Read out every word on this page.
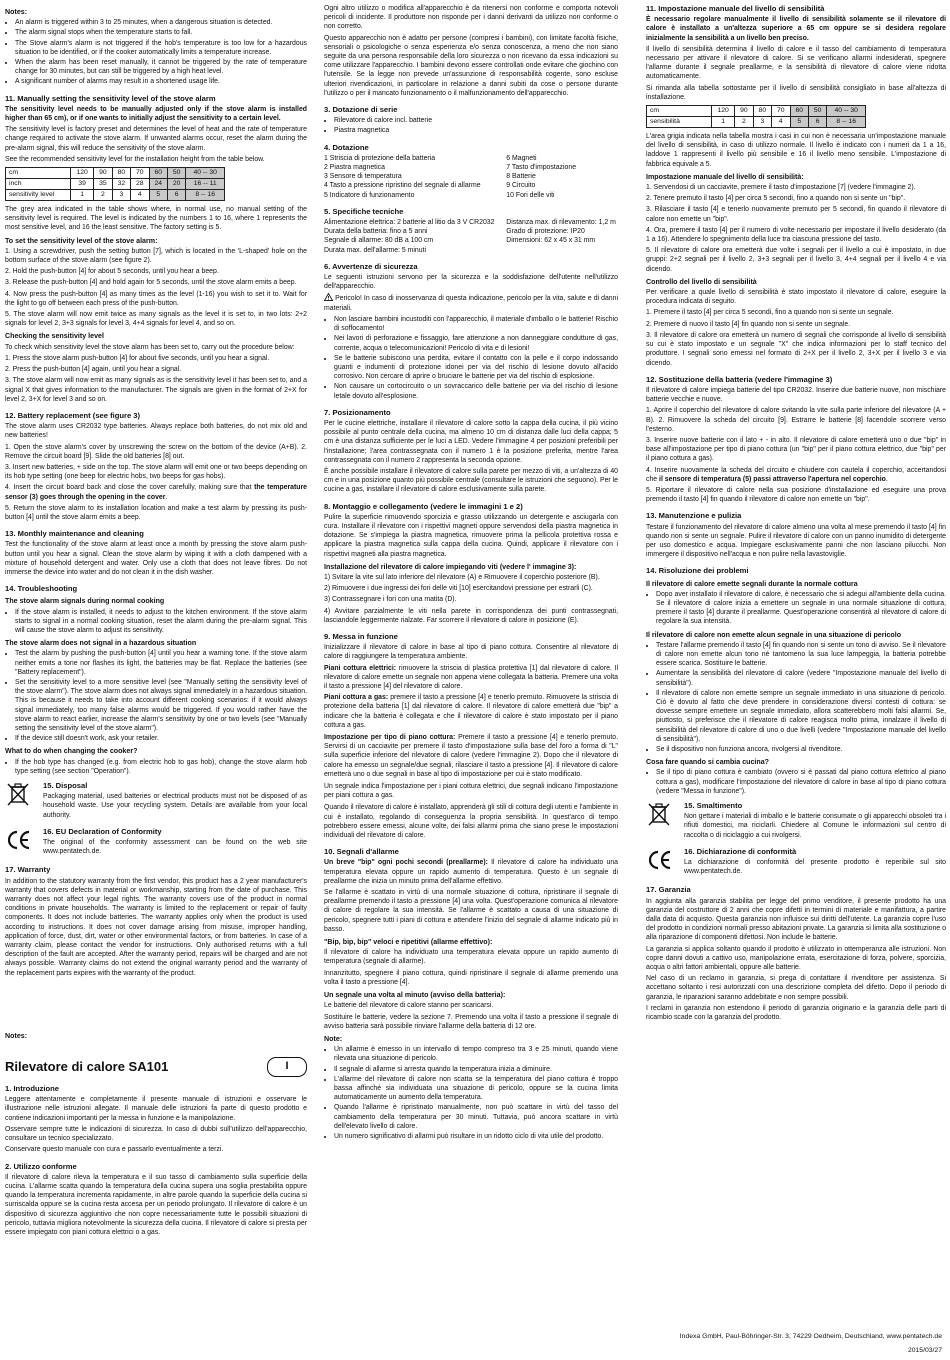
Notes:
• An alarm is triggered within 3 to 25 minutes, when a dangerous situation is detected.
• The alarm signal stops when the temperature starts to fall.
• The Stove alarm's alarm is not triggered if the hob's temperature is too low for a hazardous situation to be identified, or if the cooker automatically limits a temperature increase.
• When the alarm has been reset manually, it cannot be triggered by the rate of temperature change for 30 minutes, but can still be triggered by a high heat level.
• A significant number of alarms may result in a shortened usage life.
11. Manually setting the sensitivity level of the stove alarm

The sensitivity level needs to be manually adjusted only if the stove alarm is installed higher than 65 cm), or if one wants to initially adjust the sensitivity to a certain level.

The sensitivity level is factory preset and determines the level of heat and the rate of temperature change required to activate the stove alarm. If unwanted alarms occur, reset the alarm during the pre-alarm signal, this will reduce the sensitivity of the stove alarm.

See the recommended sensitivity level for the installation height from the table below.

cm	120	90	80	70	60	50	40 -- 30
inch	39	35	32	28	24	20	16 -- 11
sensitivity level	1	2	3	4	5	6	8 -- 16

The grey area indicated in the table shows where, in normal use, no manual setting of the sensitivity level is required. The level is indicated by the numbers 1 to 16, where 1 represents the most sensitive level, and 16 the least sensitive. The factory setting is 5.

To set the sensitivity level of the stove alarm:

1. Using a screwdriver, push the setting button [7], which is located in the 'L-shaped' hole on the bottom surface of the stove alarm (see figure 2).

2. Hold the push-button [4] for about 5 seconds, until you hear a beep.

3. Release the push-button [4] and hold again for 5 seconds, until the stove alarm emits a beep.

4. Now press the push-button [4] as many times as the level (1-16) you wish to set it to. Wait for the light to go off between each press of the push-button.

5. The stove alarm will now emit twice as many signals as the level it is set to, in two lots: 2+2 signals for level 2, 3+3 signals for level 3, 4+4 signals for level 4, and so on.

Checking the sensitivity level

To check which sensitivity level the stove alarm has been set to, carry out the procedure below:

1. Press the stove alarm push-button [4] for about five seconds, until you hear a signal.

2. Press the push-button [4] again, until you hear a signal.

3. The stove alarm will now emit as many signals as is the sensitivity level it has been set to, and a signal X that gives information to the manufacturer. The signals are given in the format of 2+X for level 2, 3+X for level 3 and so on.

12. Battery replacement (see figure 3)

The stove alarm uses CR2032 type batteries. Always replace both batteries, do not mix old and new batteries!

1. Open the stove alarm's cover by unscrewing the screw on the bottom of the device (A+B). 2. Remove the circuit board [9]. Slide the old batteries [8] out.

3. Insert new batteries, + side on the top. The stove alarm will emit one or two beeps depending on its hob type setting (one beep for electric hobs, two beeps for gas hobs).

4. Insert the circuit board back and close the cover carefully, making sure that the temperature sensor (3) goes through the opening in the cover.

5. Return the stove alarm to its installation location and make a test alarm by pressing its push-button [4] until the stove alarm emits a beep.

13. Monthly maintenance and cleaning

Test the functionality of the stove alarm at least once a month by pressing the stove alarm push-button until you hear a signal. Clean the stove alarm by wiping it with a cloth dampened with a mixture of household detergent and water. Only use a cloth that does not leave fibres. Do not immerse the device into water and do not clean it in the dish washer.

14. Troubleshooting
The stove alarm signals during normal cooking
• If the stove alarm is installed, it needs to adjust to the kitchen environment. If the stove alarm starts to signal in a normal cooking situation, reset the alarm during the pre-alarm signal. This will cause the stove alarm to adjust its sensitivity.
The stove alarm does not signal in a hazardous situation
• Test the alarm by pushing the push-button [4] until you hear a warning tone. If the stove alarm neither emits a tone nor flashes its light, the batteries may be flat. Replace the batteries (see "Battery replacement").
• Set the sensitivity level to a more sensitive level (see "Manually setting the sensitivity level of the stove alarm"). The stove alarm does not always signal immediately in a hazardous situation. This is because it needs to take into account different cooking scenarios: if it would always signal immediately, too many false alarms would be triggered. If you would rather have the stove alarm to react earlier, increase the alarm's sensitivity by one or two levels (see "Manually setting the sensitivity level of the stove alarm").
• If the device still doesn't work, ask your retailer.
What to do when changing the cooker?
• If the hob type has changed (e.g. from electric hob to gas hob), change the stove alarm hob type setting (see section "Operation").
15. Disposal

Packaging material, used batteries or electrical products must not be disposed of as household waste. Use your recycling system. Details are available from your local authority.

16. EU Declaration of Conformity

The original of the conformity assessment can be found on the web site www.pentatech.de.

17. Warranty

In addition to the statutory warranty from the first vendor, this product has a 2 year manufacturer's warranty that covers defects in material or workmanship, starting from the date of purchase. This warranty does not affect your legal rights. The warranty covers use of the product in normal conditions in private households. The warranty is limited to the replacement or repair of faulty components. It does not include batteries. The warranty applies only when the product is used according to instructions. It does not cover damage arising from misuse, improper handling, application of force, dust, dirt, water or other environmental factors, or from batteries. In case of a warranty claim, please contact the vendor for instructions. Only authorised returns with a full description of the fault are accepted. After the warranty period, repairs will be charged and are not always possible. Warranty claims do not extend the original warranty period and the warranty of the replacement parts expires with the warranty of the product.

Notes:
Rilevatore di calore SA101	I
1. Introduzione

Leggere attentamente e completamente il presente manuale di istruzioni e osservare le illustrazione nelle istruzioni allegate. Il manuale delle istruzioni fa parte di questo prodotto e contiene indicazioni importanti per la messa in funzione e la manipolazione.

Osservare sempre tutte le indicazioni di sicurezza. In caso di dubbi sull'utilizzo dell'apparecchio, consultare un tecnico specializzato.

Conservare questo manuale con cura e passarlo eventualmente a terzi.

2. Utilizzo conforme

Il rilevatore di calore rileva la temperatura e il suo tasso di cambiamento sulla superficie della cucina. L'allarme scatta quando la temperatura della cucina supera una soglia prestabilita oppure quando la temperatura incrementa rapidamente, in altre parole quando la superficie della cucina si surriscalda oppure se la cucina resta accesa per un periodo prolungato. Il rilevatore di calore è un dispositivo di sicurezza aggiuntivo che non copre necessariamente tutte le possibili situazioni di pericolo, tuttavia migliora notevolmente la sicurezza della cucina. Il rilevatore di calore si presta per essere impiegato con piani cottura elettrici o a gas.

Ogni altro utilizzo o modifica all'apparecchio è da ritenersi non conforme e comporta notevoli pericoli di incidente. Il produttore non risponde per i danni derivanti da utilizzo non conforme o non corretto.

Questo apparecchio non è adatto per persone (compresi i bambini), con limitate facoltà fisiche, sensoriali o psicologiche o senza esperienza e/o senza conoscenza, a meno che non siano seguite da una persona responsabile della loro sicurezza o non ricevano da essa indicazioni su come utilizzare l'apparecchio. I bambini devono essere controllati onde evitare che giochino con l'utensile. Se la legge non prevede un'assunzione di responsabilità cogente, sono escluse ulteriori rivendicazioni, in particolare in relazione a danni subiti da cose o persone durante l'utilizzo o per il mancato funzionamento o il malfunzionamento dell'apparecchio.

3. Dotazione di serie
• Rilevatore di calore incl. batterie
• Piastra magnetica
4. Dotazione
1 Striscia di protezione della batteria	6 Magneti
2 Piastra magnetica	7 Tasto d'impostazione
3 Sensore di temperatura	8 Batterie
4 Tasto a pressione ripristino del segnale di allarme	9 Circuito
5 Indicatore di funzionamento	10 Fori delle viti
5. Specifiche tecniche
Alimentazione elettrica: 2 batterie al litio da 3 V CR2032	Distanza max. di rilevamento: 1,2 m
Durata della batteria: fino a 5 anni	Grado di protezione: IP20
Segnale di allarme: 80 dB a 100 cm	Dimensioni: 62 x 45 x 31 mm
Durata max. dell'allarme: 5 minuti	
6. Avvertenze di sicurezza

Le seguenti istruzioni servono per la sicurezza e la soddisfazione dell'utente nell'utilizzo dell'apparecchio.

Pericolo! In caso di inosservanza di questa indicazione, pericolo per la vita, salute e di danni materiali.

• Non lasciare bambini incustoditi con l'apparecchio, il materiale d'imballo o le batterie! Rischio di soffocamento!
• Nei lavori di perforazione e fissaggio, fare attenzione a non danneggiare condutture di gas, corrente, acqua o telecomunicazioni! Pericolo di vita e di lesioni!
• Se le batterie subiscono una perdita, evitare il contatto con la pelle e il corpo indossando guanti e indumenti di protezione idonei per via del rischio di lesione dovuto all'acido corrosivo. Non cercare di aprire o bruciare le batterie per via del rischio di esplosione.
• Non causare un cortocircuito o un sovraccarico delle batterie per via del rischio di lesione letale dovuto all'esplosione.
7. Posizionamento

Per le cucine elettriche, installare il rilevatore di calore sotto la cappa della cucina, il più vicino possibile al punto centrale della cucina, ma almeno 10 cm di distanza dalle luci della cappa; 5 cm è una distanza sufficiente per le luci a LED. Vedere l'immagine 4 per posizioni preferibili per l'installazione; l'area contrassegnata con il numero 1 è la posizione preferita, mentre l'area contrassegnata con il numero 2 rappresenta la seconda opzione.

È anche possibile installare il rilevatore di calore sulla parete per mezzo di viti, a un'altezza di 40 cm e in una posizione quanto più possibile centrale (consultare le istruzioni che seguono). Per le cucine a gas, installare il rilevatore di calore esclusivamente sulla parete.

8. Montaggio e collegamento (vedere le immagini 1 e 2)

Pulire la superficie rimuovendo sporcizia e grasso utilizzando un detergente e asciugarla con cura. Installare il rilevatore con i rispettivi magneti oppure servendosi della piastra magnetica in dotazione. Se s'impiega la piastra magnetica, rimuovere prima la pellicola protettiva rossa e applicare la piastra magnetica sulla cappa della cucina. Quindi, applicare il rilevatore con i rispettivi magneti alla piastra magnetica.

Installazione del rilevatore di calore impiegando viti (vedere l' immagine 3):

1) Svitare la vite sul lato inferiore del rilevatore (A) e Rimuovere il coperchio posteriore (B).

2) Rimuovere i due ingressi dei fori delle viti [10] esercitandovi pressione per estrarli (C).

3) Contrassegnare i fori con una matita (D).

4) Avvitare parzialmente le viti nella parete in corrispondenza dei punti contrassegnati, lasciandole leggermente rialzate. Far scorrere il rilevatore di calore in posizione (E).

9. Messa in funzione

Inizializzare il rilevatore di calore in base al tipo di piano cottura. Consentire al rilevatore di calore di raggiungere la temperatura ambiente.

Piani cottura elettrici: rimuovere la striscia di plastica protettiva [1] dal rilevatore di calore. Il rilevatore di calore emette un segnale non appena viene collegata la batteria. Premere una volta il tasto a pressione [4] del rilevatore di calore.

Piani cottura a gas: premere il tasto a pressione [4] e tenerlo premuto. Rimuovere la striscia di protezione della batteria [1] dal rilevatore di calore. Il rilevatore di calore emetterà due "bip" a indicare che la batteria è collegata e che il rilevatore di calore è stato impostato per il piano cottura a gas.

Impostazione per tipo di piano cottura: Premere il tasto a pressione [4] e tenerlo premuto. Servirsi di un cacciavite per premere il tasto d'impostazione sulla base del foro a forma di "L" sulla superficie inferiore del rilevatore di calore (vedere l'immagine 2). Dopo che il rilevatore di calore ha emesso un segnale/due segnali, rilasciare il tasto a pressione [4]. Il rilevatore di calore emetterà uno o due segnali in base al tipo di impostazione per cui è stato modificato.

Un segnale indica l'impostazione per i piani cottura elettrici, due segnali indicano l'impostazione per piani cottura a gas.

Quando il rilevatore di calore è installato, apprenderà gli stili di cottura degli utenti e l'ambiente in cui è installato, regolando di conseguenza la propria sensibilità. In quest'arco di tempo potrebbero essere emessi, alcune volte, dei falsi allarmi prima che siano prese le impostazioni individuali del rilevatore di calore.

10. Segnali d'allarme

Un breve "bip" ogni pochi secondi (preallarme): Il rilevatore di calore ha individuato una temperatura elevata oppure un rapido aumento di temperatura. Questo è un segnale di preallarme che inizia un minuto prima dell'allarme effettivo.

Se l'allarme è scattato in virtù di una normale situazione di cottura, ripristinare il segnale di preallarme premendo il tasto a pressione [4] una volta. Quest'operazione comunica al rilevatore di calore di regolare la sua intensità. Se l'allarme è scattato a causa di una situazione di pericolo, spegnere tutti i piani di cottura e attendere l'inizio del segnale di allarme indicato più in basso.

"Bip, bip, bip" veloci e ripetitivi (allarme effettivo):

Il rilevatore di calore ha individuato una temperatura elevata oppure un rapido aumento di temperatura (segnale di allarme).

Innanzitutto, spegnere il piano cottura, quindi ripristinare il segnale di allarme premendo una volta il tasto a pressione [4].

Un segnale una volta al minuto (avviso della batteria):

Le batterie del rilevatore di calore stanno per scaricarsi.

Sostituire le batterie, vedere la sezione 7. Premendo una volta il tasto a pressione il segnale di avviso batteria sarà possibile rinviare l'allarme della batteria di 12 ore.

Note:
• Un allarme è emesso in un intervallo di tempo compreso tra 3 e 25 minuti, quando viene rilevata una situazione di pericolo.
• Il segnale di allarme si arresta quando la temperatura inizia a diminuire.
• L'allarme del rilevatore di calore non scatta se la temperatura del piano cottura è troppo bassa affinché sia individuata una situazione di pericolo, oppure se la cucina limita automaticamente un aumento della temperatura.
• Quando l'allarme è ripristinato manualmente, non può scattare in virtù del tasso del cambiamento della temperatura per 30 minuti. Tuttavia, può ancora scattare in virtù dell'elevato livello di calore.
• Un numero significativo di allarmi può risultare in un ridotto ciclo di vita utile del prodotto.
11. Impostazione manuale del livello di sensibilità

È necessario regolare manualmente il livello di sensibilità solamente se il rilevatore di calore è installato a un'altezza superiore a 65 cm oppure se si desidera regolare inizialmente la sensibilità a un livello ben preciso.

Il livello di sensibilità determina il livello di calore e il tasso del cambiamento di temperatura necessario per attivare il rilevatore di calore. Si se verificano allarmi indesiderati, spegnere l'allarme durante il segnale preallarme, e la sensibilità di rilevatore di calore viene ridotta automaticamente.

Si rimanda alla tabella sottostante per il livello di sensibilità consigliato in base all'altezza di installazione.

cm	120	90	80	70	60	50	40 -- 30
sensibilità	1	2	3	4	5	6	8 -- 16

L'area grigia indicata nella tabella mostra i casi in cui non è necessaria un'impostazione manuale del livello di sensibilità, in caso di utilizzo normale. Il livello è indicato con i numeri da 1 a 16, laddove 1 rappresenti il livello più sensibile e 16 il livello meno sensibile. L'impostazione di fabbrica equivale a 5.

Impostazione manuale del livello di sensibilità:

1. Servendosi di un cacciavite, premere il tasto d'impostazione [7] (vedere l'immagine 2).

2. Tenere premuto il tasto [4] per circa 5 secondi, fino a quando non si sente un "bip".

3. Rilasciare il tasto [4] e tenerlo nuovamente premuto per 5 secondi, fin quando il rilevatore di calore non emette un "bip".

4. Ora, premere il tasto [4] per il numero di volte necessario per impostare il livello desiderato (da 1 a 16). Attendere lo spegnimento della luce tra ciascuna pressione del tasto.

5. Il rilevatore di calore ora emetterà due volte i segnali per il livello a cui è impostato, in due gruppi: 2+2 segnali per il livello 2, 3+3 segnali per il livello 3, 4+4 segnali per il livello 4 e via dicendo.

Controllo del livello di sensibilità

Per verificare a quale livello di sensibilità è stato impostato il rilevatore di calore, eseguire la procedura indicata di seguito.

1. Premere il tasto [4] per circa 5 secondi, fino a quando non si sente un segnale.

2. Premere di nuovo il tasto [4] fin quando non si sente un segnale.

3. Il rilevatore di calore ora emetterà un numero di segnali che corrisponde al livello di sensibilità su cui è stato impostato e un segnale "X" che indica informazioni per lo staff tecnico del produttore. I segnali sono emessi nel formato di 2+X per il livello 2, 3+X per il livello 3 e via dicendo.

12. Sostituzione della batteria (vedere l'immagine 3)

Il rilevatore di calore impiega batterie del tipo CR2032. Inserire due batterie nuove, non mischiare batterie vecchie e nuove.

1. Aprire il coperchio del rilevatore di calore svitando la vite sulla parte inferiore del rilevatore (A + B). 2. Rimuovere la scheda del circuito [9]. Estrarre le batterie [8] facendole scorrere verso l'esterno.

3. Inserire nuove batterie con il lato + - in alto. Il rilevatore di calore emetterà uno o due "bip" in base all'impostazione per tipo di piano cottura (un "bip" per il piano cottura elettrico, due "bip" per il piano cottura a gas).

4. Inserire nuovamente la scheda del circuito e chiudere con cautela il coperchio, accertandosi che il sensore di temperatura (5) passi attraverso l'apertura nel coperchio.

5. Riportare il rilevatore di calore nella sua posizione d'installazione ed eseguire una prova premendo il tasto [4] fin quando il rilevatore di calore non emette un "bip".

13. Manutenzione e pulizia

Testare il funzionamento del rilevatore di calore almeno una volta al mese premendo il tasto [4] fin quando non si sente un segnale. Pulire il rilevatore di calore con un panno inumidito di detergente per uso domestico e acqua. Impiegare esclusivamente panni che non lasciano pilucchi. Non immergere il dispositivo nell'acqua e non pulire nella lavastoviglie.

14. Risoluzione dei problemi
Il rilevatore di calore emette segnali durante la normale cottura
• Dopo aver installato il rilevatore di calore, è necessario che si adegui all'ambiente della cucina. Se il rilevatore di calore inizia a emettere un segnale in una normale situazione di cottura, premere il tasto [4] durante il preallarme. Quest'operazione consentirà al rilevatore di calore di regolare la sua intensità.
Il rilevatore di calore non emette alcun segnale in una situazione di pericolo
• Testare l'allarme premendo il tasto [4] fin quando non si sente un tono di avviso. Se il rilevatore di calore non emette alcun tono né tantomeno la sua luce lampeggia, la batteria potrebbe essere scarica. Sostituire le batterie.
• Aumentare la sensibilità del rilevatore di calore (vedere "Impostazione manuale del livello di sensibilità").
• Il rilevatore di calore non emette sempre un segnale immediato in una situazione di pericolo. Ciò è dovuto al fatto che deve prendere in considerazione diversi contesti di cottura: se dovesse sempre emettere un segnale immediato, allora scatterebbero molti falsi allarmi. Se, piuttosto, si preferisce che il rilevatore di calore reagisca molto prima, innalzare il livello di sensibilità del rilevatore di calore di uno o due livelli (vedere "Impostazione manuale del livello di sensibilità").
• Se il dispositivo non funziona ancora, rivolgersi al rivenditore.
Cosa fare quando si cambia cucina?
• Se il tipo di piano cottura è cambiato (ovvero si è passati dal piano cottura elettrico al piano cottura a gas), modificare l'impostazione del rilevatore di calore in base al tipo di piano cottura (vedere "Messa in funzione").
15. Smaltimento

Non gettare i materiali di imballo e le batterie consumate o gli apparecchi obsoleti tra i rifiuti domestici, ma riciclarli. Chiedere al Comune le informazioni sul centro di raccolta o di riciclaggio a cui rivolgersi.

16. Dichiarazione di conformità

La dichiarazione di conformità del presente prodotto è reperibile sul sito www.pentatech.de.

17. Garanzia

In aggiunta alla garanzia stabilita per legge del primo venditore, il presente prodotto ha una garanzia del costruttore di 2 anni che copre difetti in termini di materiale e manifattura, a partire dalla data di acquisto. Questa garanzia non influisce sui diritti dell'utente. La garanzia copre l'uso del prodotto in condizioni normali presso abitazioni private. La garanzia si limita alla sostituzione o alla riparazione di componenti difettosi. Non include le batterie.

La garanzia si applica soltanto quando il prodotto è utilizzato in ottemperanza alle istruzioni. Non copre danni dovuti a cattivo uso, manipolazione errata, esercitazione di forza, polvere, sporcizia, acqua o altri fattori ambientali, oppure alle batterie.

Nel caso di un reclamo in garanzia, si prega di contattare il rivenditore per assistenza. Si accettano soltanto i resi autorizzati con una descrizione completa del difetto. Dopo il periodo di garanzia, le riparazioni saranno addebitate e non sempre possibili.

I reclami in garanzia non estendono il periodo di garanzia originario e la garanzia delle parti di ricambio scade con la garanzia del prodotto.

Indexa GmbH, Paul-Böhringer-Str. 3, 74229 Oedheim, Deutschland, www.pentatech.de
2015/03/27
